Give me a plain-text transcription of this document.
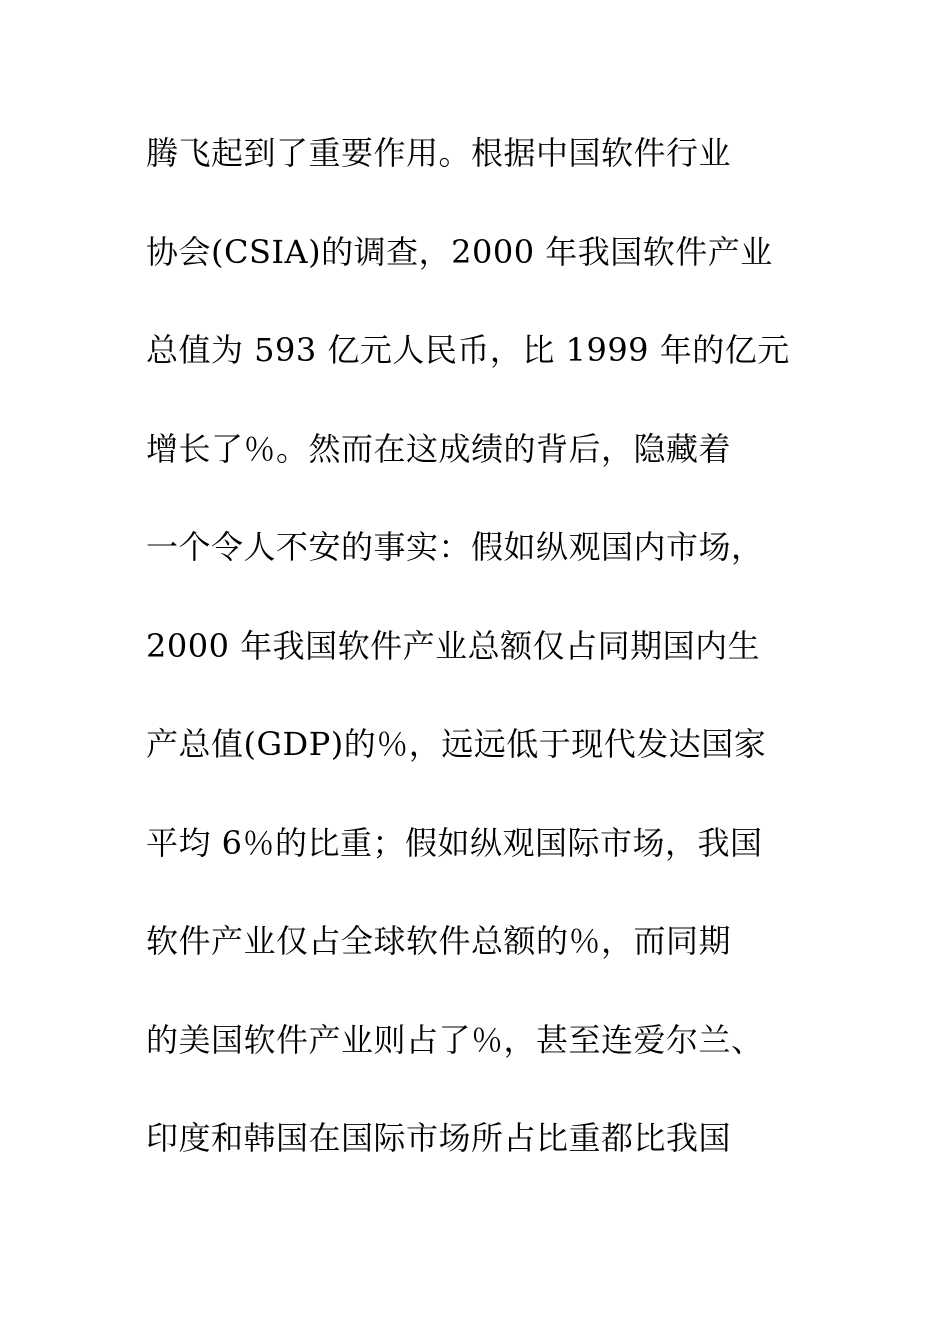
腾飞起到了重要作用。根据中国软件行业
协会(CSIA)的调查，2000 年我国软件产业
总值为 593 亿元人民币，比 1999 年的亿元
增长了％。然而在这成绩的背后，隐藏着
一个令人不安的事实：假如纵观国内市场，
2000 年我国软件产业总额仅占同期国内生
产总值(GDP)的％，远远低于现代发达国家
平均 6％的比重；假如纵观国际市场，我国
软件产业仅占全球软件总额的％，而同期
的美国软件产业则占了％，甚至连爱尔兰、
印度和韩国在国际市场所占比重都比我国
